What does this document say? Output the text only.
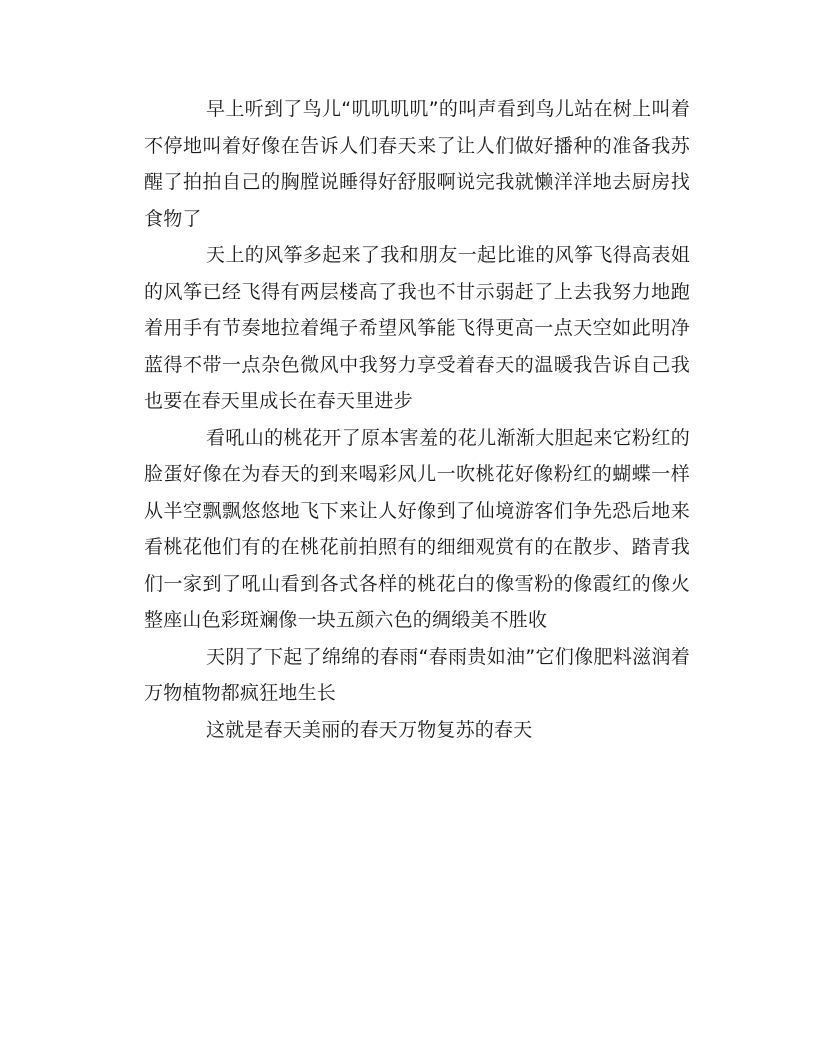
早上听到了鸟儿“叽叽叽叽”的叫声看到鸟儿站在树上叫着不停地叫着好像在告诉人们春天来了让人们做好播种的准备我苏醒了拍拍自己的胸膛说睡得好舒服啊说完我就懒洋洋地去厨房找食物了

天上的风筝多起来了我和朋友一起比谁的风筝飞得高表姐的风筝已经飞得有两层楼高了我也不甘示弱赶了上去我努力地跑着用手有节奏地拉着绳子希望风筝能飞得更高一点天空如此明净蓝得不带一点杂色微风中我努力享受着春天的温暖我告诉自己我也要在春天里成长在春天里进步

看吼山的桃花开了原本害羞的花儿渐渐大胆起来它粉红的脸蛋好像在为春天的到来喝彩风儿一吹桃花好像粉红的蝴蝶一样从半空飘飘悠悠地飞下来让人好像到了仙境游客们争先恐后地来看桃花他们有的在桃花前拍照有的细细观赏有的在散步、踏青我们一家到了吼山看到各式各样的桃花白的像雪粉的像霞红的像火整座山色彩斑斓像一块五颜六色的绸缎美不胜收

天阴了下起了绵绵的春雨“春雨贵如油”它们像肥料滋润着万物植物都疯狂地生长

这就是春天美丽的春天万物复苏的春天
